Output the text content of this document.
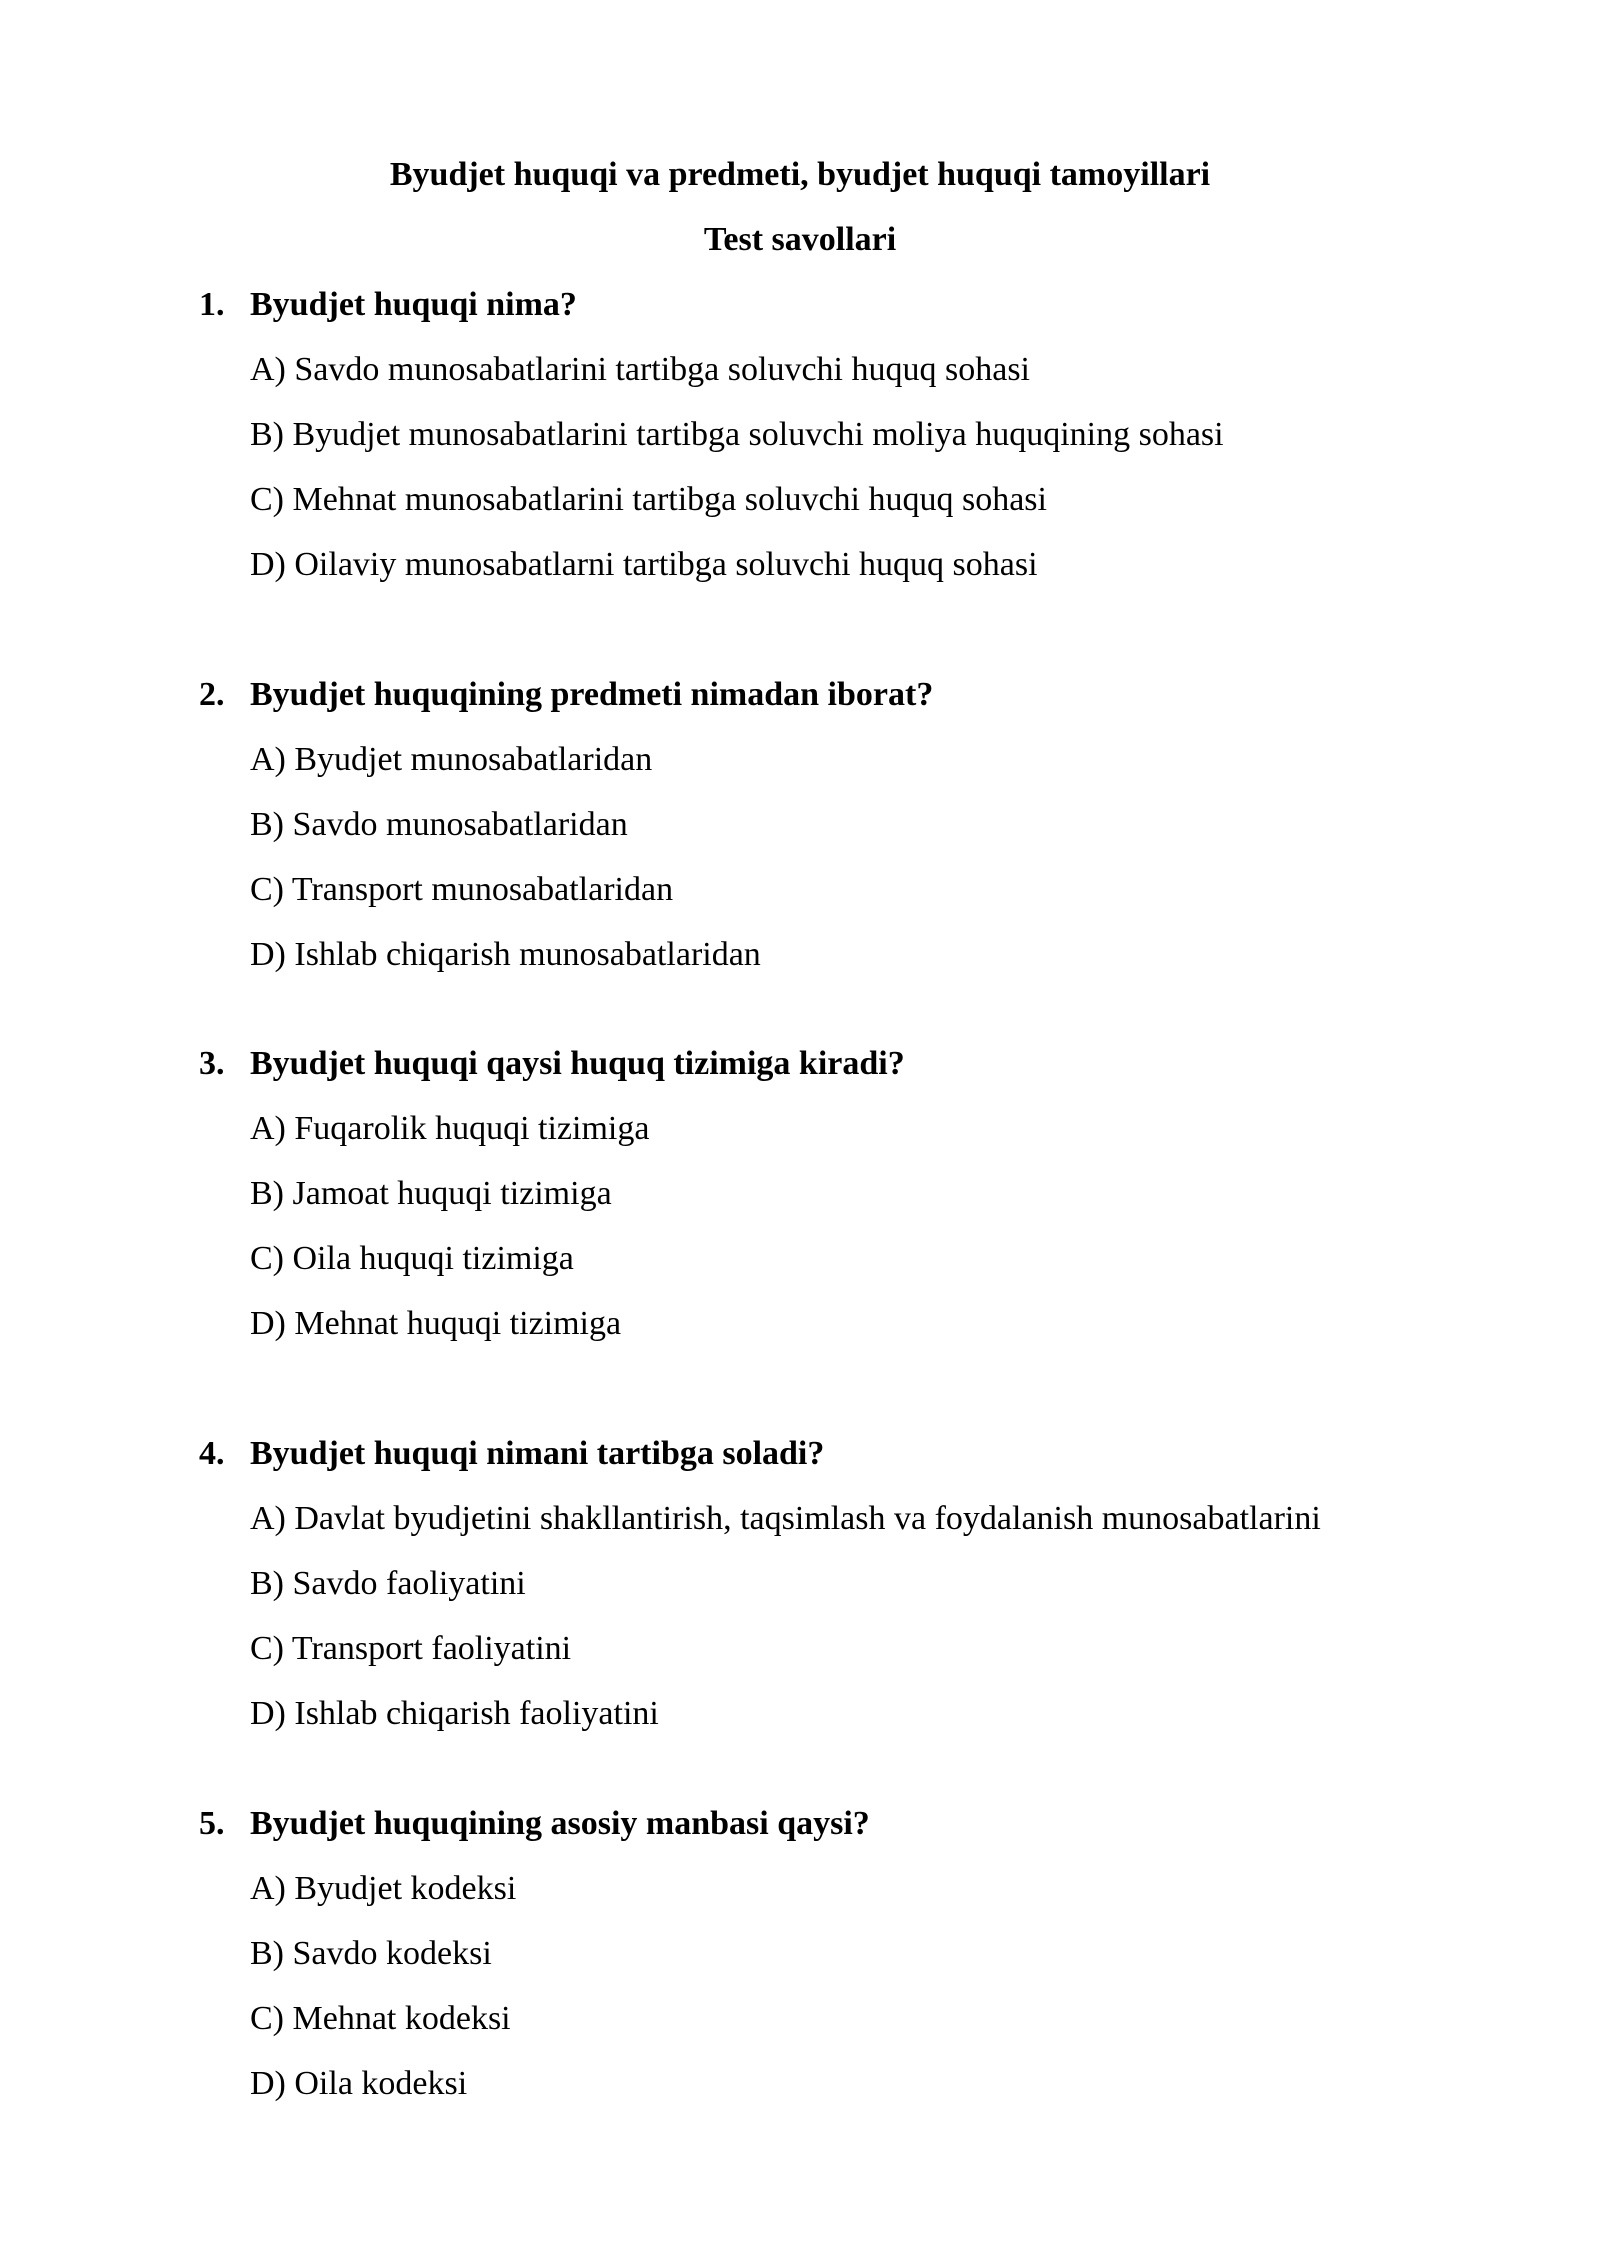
Byudjet huquqi va predmeti, byudjet huquqi tamoyillari
Test savollari
1. Byudjet huquqi nima?
A) Savdo munosabatlarini tartibga soluvchi huquq sohasi
B) Byudjet munosabatlarini tartibga soluvchi moliya huquqining sohasi
C) Mehnat munosabatlarini tartibga soluvchi huquq sohasi
D) Oilaviy munosabatlarni tartibga soluvchi huquq sohasi
2. Byudjet huquqining predmeti nimadan iborat?
A) Byudjet munosabatlaridan
B) Savdo munosabatlaridan
C) Transport munosabatlaridan
D) Ishlab chiqarish munosabatlaridan
3. Byudjet huquqi qaysi huquq tizimiga kiradi?
A) Fuqarolik huquqi tizimiga
B) Jamoat huquqi tizimiga
C) Oila huquqi tizimiga
D) Mehnat huquqi tizimiga
4. Byudjet huquqi nimani tartibga soladi?
A) Davlat byudjetini shakllantirish, taqsimlash va foydalanish munosabatlarini
B) Savdo faoliyatini
C) Transport faoliyatini
D) Ishlab chiqarish faoliyatini
5. Byudjet huquqining asosiy manbasi qaysi?
A) Byudjet kodeksi
B) Savdo kodeksi
C) Mehnat kodeksi
D) Oila kodeksi
